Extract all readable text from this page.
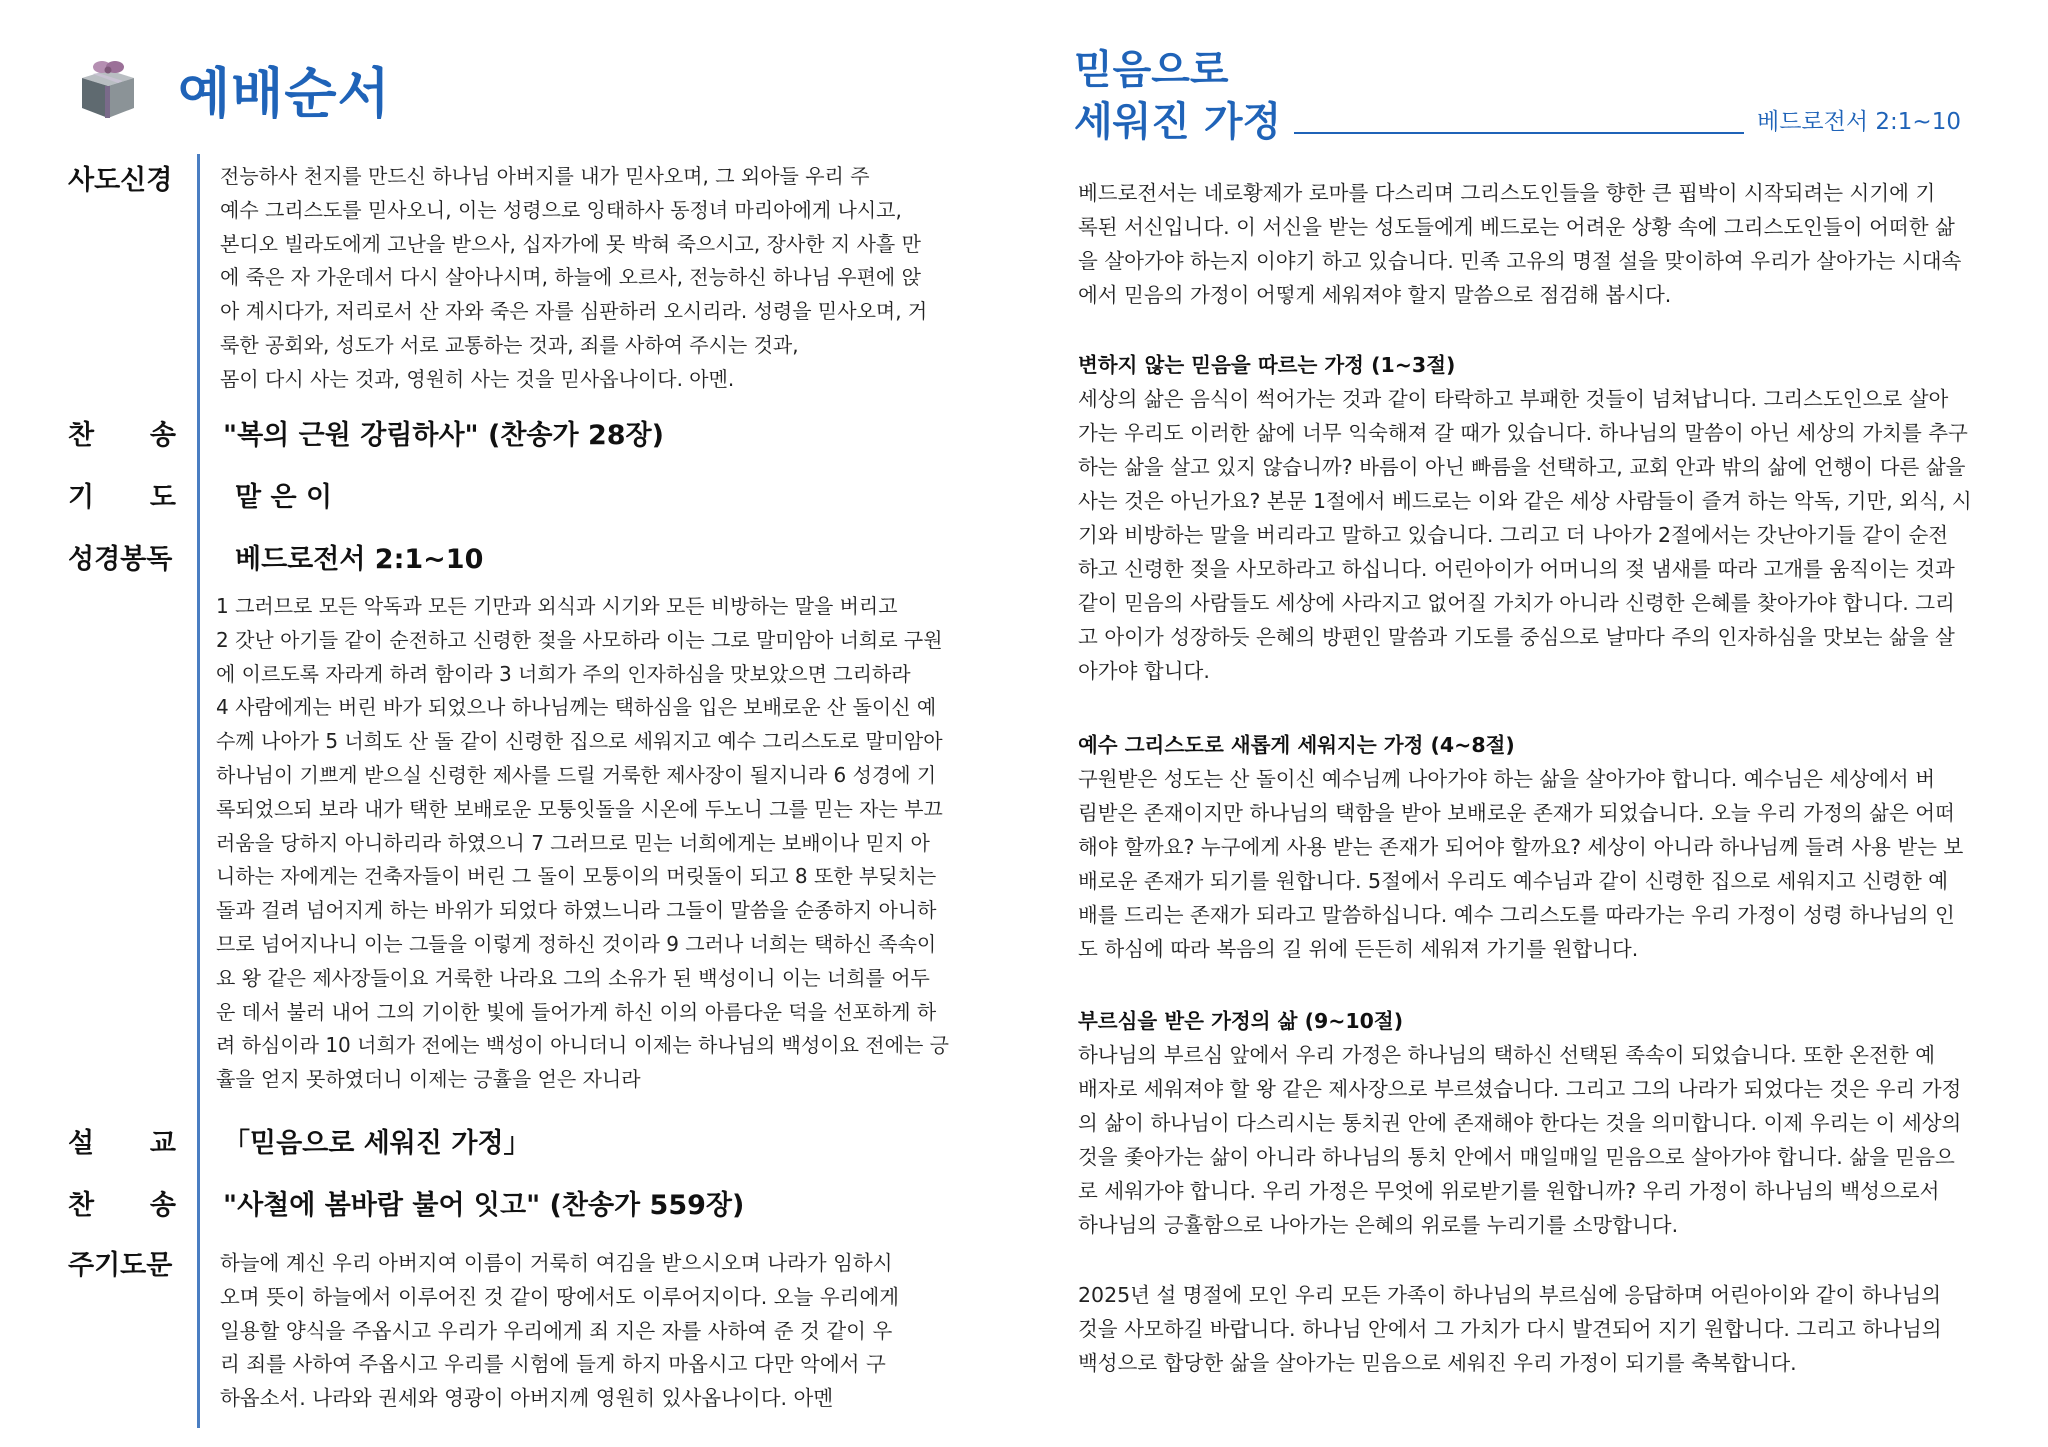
예배순서
사도신경
찬 송
기 도
성경봉독
설 교
찬 송
주기도문

전능하사 천지를 만드신 하나님 아버지를 내가 믿사오며, 그 외아들 우리 주

예수 그리스도를 믿사오니, 이는 성령으로 잉태하사 동정녀 마리아에게 나시고,

본디오 빌라도에게 고난을 받으사, 십자가에 못 박혀 죽으시고, 장사한 지 사흘 만

에 죽은 자 가운데서 다시 살아나시며, 하늘에 오르사, 전능하신 하나님 우편에 앉

아 계시다가, 저리로서 산 자와 죽은 자를 심판하러 오시리라. 성령을 믿사오며, 거

룩한 공회와, 성도가 서로 교통하는 것과, 죄를 사하여 주시는 것과,

몸이 다시 사는 것과, 영원히 사는 것을 믿사옵나이다. 아멘.

"복의 근원 강림하사" (찬송가 28장)
맡 은 이
베드로전서 2:1~10

1 그러므로 모든 악독과 모든 기만과 외식과 시기와 모든 비방하는 말을 버리고

2 갓난 아기들 같이 순전하고 신령한 젖을 사모하라 이는 그로 말미암아 너희로 구원

에 이르도록 자라게 하려 함이라 3 너희가 주의 인자하심을 맛보았으면 그리하라

4 사람에게는 버린 바가 되었으나 하나님께는 택하심을 입은 보배로운 산 돌이신 예

수께 나아가 5 너희도 산 돌 같이 신령한 집으로 세워지고 예수 그리스도로 말미암아

하나님이 기쁘게 받으실 신령한 제사를 드릴 거룩한 제사장이 될지니라 6 성경에 기

록되었으되 보라 내가 택한 보배로운 모퉁잇돌을 시온에 두노니 그를 믿는 자는 부끄

러움을 당하지 아니하리라 하였으니 7 그러므로 믿는 너희에게는 보배이나 믿지 아

니하는 자에게는 건축자들이 버린 그 돌이 모퉁이의 머릿돌이 되고 8 또한 부딪치는

돌과 걸려 넘어지게 하는 바위가 되었다 하였느니라 그들이 말씀을 순종하지 아니하

므로 넘어지나니 이는 그들을 이렇게 정하신 것이라 9 그러나 너희는 택하신 족속이

요 왕 같은 제사장들이요 거룩한 나라요 그의 소유가 된 백성이니 이는 너희를 어두

운 데서 불러 내어 그의 기이한 빛에 들어가게 하신 이의 아름다운 덕을 선포하게 하

려 하심이라 10 너희가 전에는 백성이 아니더니 이제는 하나님의 백성이요 전에는 긍

휼을 얻지 못하였더니 이제는 긍휼을 얻은 자니라

「믿음으로 세워진 가정」
"사철에 봄바람 불어 잇고" (찬송가 559장)

하늘에 계신 우리 아버지여 이름이 거룩히 여김을 받으시오며 나라가 임하시

오며 뜻이 하늘에서 이루어진 것 같이 땅에서도 이루어지이다. 오늘 우리에게

일용할 양식을 주옵시고 우리가 우리에게 죄 지은 자를 사하여 준 것 같이 우

리 죄를 사하여 주옵시고 우리를 시험에 들게 하지 마옵시고 다만 악에서 구

하옵소서. 나라와 권세와 영광이 아버지께 영원히 있사옵나이다. 아멘

믿음으로
세워진 가정	베드로전서 2:1~10

베드로전서는 네로황제가 로마를 다스리며 그리스도인들을 향한 큰 핍박이 시작되려는 시기에 기

록된 서신입니다. 이 서신을 받는 성도들에게 베드로는 어려운 상황 속에 그리스도인들이 어떠한 삶

을 살아가야 하는지 이야기 하고 있습니다. 민족 고유의 명절 설을 맞이하여 우리가 살아가는 시대속

에서 믿음의 가정이 어떻게 세워져야 할지 말씀으로 점검해 봅시다.

변하지 않는 믿음을 따르는 가정 (1~3절)

세상의 삶은 음식이 썩어가는 것과 같이 타락하고 부패한 것들이 넘쳐납니다. 그리스도인으로 살아

가는 우리도 이러한 삶에 너무 익숙해져 갈 때가 있습니다. 하나님의 말씀이 아닌 세상의 가치를 추구

하는 삶을 살고 있지 않습니까? 바름이 아닌 빠름을 선택하고, 교회 안과 밖의 삶에 언행이 다른 삶을

사는 것은 아닌가요? 본문 1절에서 베드로는 이와 같은 세상 사람들이 즐겨 하는 악독, 기만, 외식, 시

기와 비방하는 말을 버리라고 말하고 있습니다. 그리고 더 나아가 2절에서는 갓난아기들 같이 순전

하고 신령한 젖을 사모하라고 하십니다. 어린아이가 어머니의 젖 냄새를 따라 고개를 움직이는 것과

같이 믿음의 사람들도 세상에 사라지고 없어질 가치가 아니라 신령한 은혜를 찾아가야 합니다. 그리

고 아이가 성장하듯 은혜의 방편인 말씀과 기도를 중심으로 날마다 주의 인자하심을 맛보는 삶을 살

아가야 합니다.

예수 그리스도로 새롭게 세워지는 가정 (4~8절)

구원받은 성도는 산 돌이신 예수님께 나아가야 하는 삶을 살아가야 합니다. 예수님은 세상에서 버

림받은 존재이지만 하나님의 택함을 받아 보배로운 존재가 되었습니다. 오늘 우리 가정의 삶은 어떠

해야 할까요? 누구에게 사용 받는 존재가 되어야 할까요? 세상이 아니라 하나님께 들려 사용 받는 보

배로운 존재가 되기를 원합니다. 5절에서 우리도 예수님과 같이 신령한 집으로 세워지고 신령한 예

배를 드리는 존재가 되라고 말씀하십니다. 예수 그리스도를 따라가는 우리 가정이 성령 하나님의 인

도 하심에 따라 복음의 길 위에 든든히 세워져 가기를 원합니다.

부르심을 받은 가정의 삶 (9~10절)

하나님의 부르심 앞에서 우리 가정은 하나님의 택하신 선택된 족속이 되었습니다. 또한 온전한 예

배자로 세워져야 할 왕 같은 제사장으로 부르셨습니다. 그리고 그의 나라가 되었다는 것은 우리 가정

의 삶이 하나님이 다스리시는 통치권 안에 존재해야 한다는 것을 의미합니다. 이제 우리는 이 세상의

것을 좇아가는 삶이 아니라 하나님의 통치 안에서 매일매일 믿음으로 살아가야 합니다. 삶을 믿음으

로 세워가야 합니다. 우리 가정은 무엇에 위로받기를 원합니까? 우리 가정이 하나님의 백성으로서

하나님의 긍휼함으로 나아가는 은혜의 위로를 누리기를 소망합니다.

2025년 설 명절에 모인 우리 모든 가족이 하나님의 부르심에 응답하며 어린아이와 같이 하나님의

것을 사모하길 바랍니다. 하나님 안에서 그 가치가 다시 발견되어 지기 원합니다. 그리고 하나님의

백성으로 합당한 삶을 살아가는 믿음으로 세워진 우리 가정이 되기를 축복합니다.
